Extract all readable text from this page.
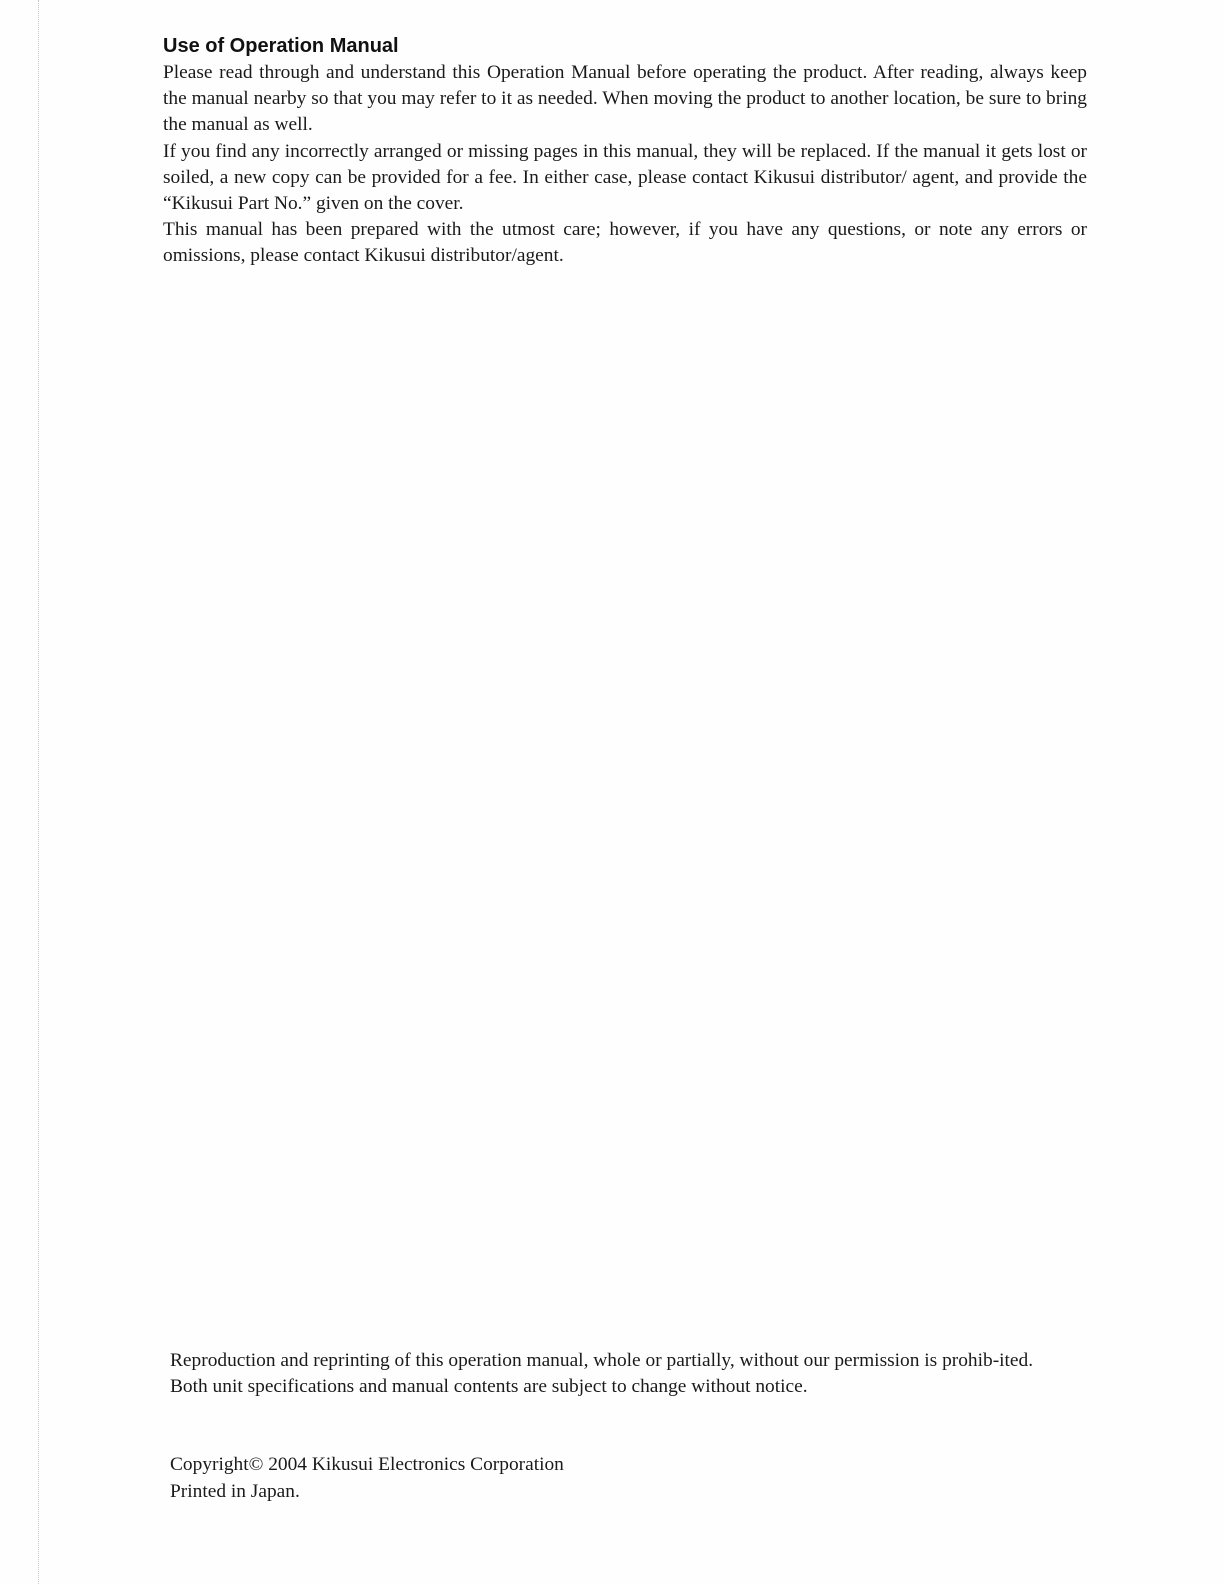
Use of Operation Manual

Please read through and understand this Operation Manual before operating the product. After reading, always keep the manual nearby so that you may refer to it as needed. When moving the product to another location, be sure to bring the manual as well.

If you find any incorrectly arranged or missing pages in this manual, they will be replaced. If the manual it gets lost or soiled, a new copy can be provided for a fee. In either case, please contact Kikusui distributor/ agent, and provide the “Kikusui Part No.” given on the cover.

This manual has been prepared with the utmost care; however, if you have any questions, or note any errors or omissions, please contact Kikusui distributor/agent.

Reproduction and reprinting of this operation manual, whole or partially, without our permission is prohib-ited.

Both unit specifications and manual contents are subject to change without notice.

Copyright© 2004 Kikusui Electronics Corporation

Printed in Japan.
